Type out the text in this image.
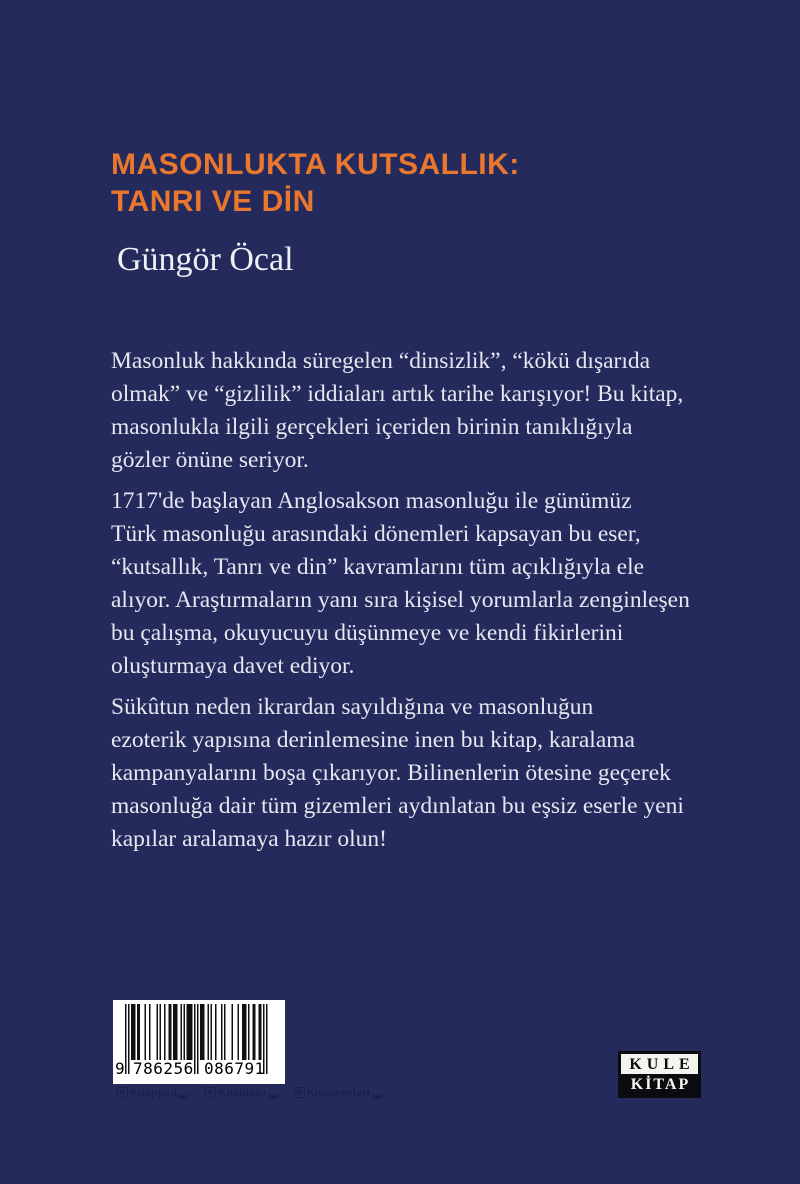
MASONLUKTA KUTSALLIK:
TANRI VE DİN
Güngör Öcal

Masonluk hakkında süregelen “dinsizlik”, “kökü dışarıda
olmak” ve “gizlilik” iddiaları artık tarihe karışıyor! Bu kitap,
masonlukla ilgili gerçekleri içeriden birinin tanıklığıyla
gözler önüne seriyor.

1717'de başlayan Anglosakson masonluğu ile günümüz
Türk masonluğu arasındaki dönemleri kapsayan bu eser,
“kutsallık, Tanrı ve din” kavramlarını tüm açıklığıyla ele
alıyor. Araştırmaların yanı sıra kişisel yorumlarla zenginleşen
bu çalışma, okuyucuyu düşünmeye ve kendi fikirlerini
oluşturmaya davet ediyor.

Sükûtun neden ikrardan sayıldığına ve masonluğun
ezoterik yapısına derinlemesine inen bu kitap, karalama
kampanyalarını boşa çıkarıyor. Bilinenlerin ötesine geçerek
masonluğa dair tüm gizemleri aydınlatan bu eşsiz eserle yeni
kapılar aralamaya hazır olun!

9 786256 086791
K Kitapped	K Kitaplobi	K Kitapseyleri
KULE
KİTAP
